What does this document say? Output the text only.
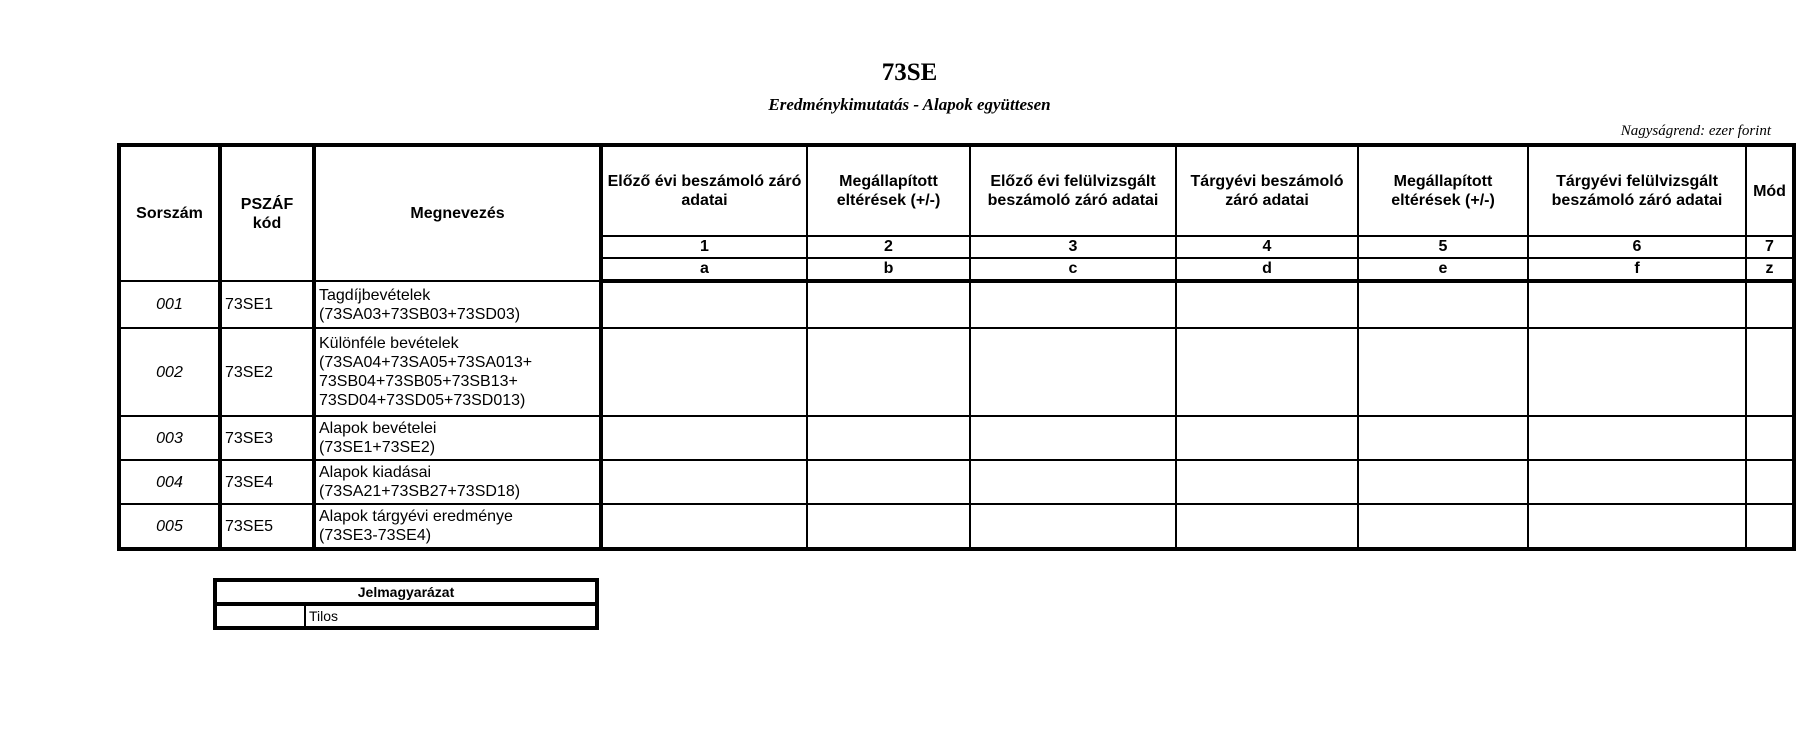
73SE
Eredménykimutatás - Alapok együttesen
Nagyságrend: ezer forint
Sorszám	PSZÁF kód	Megnevezés	Előző évi beszámoló záró adatai	Megállapított eltérések (+/-)	Előző évi felülvizsgált beszámoló záró adatai	Tárgyévi beszámoló záró adatai	Megállapított eltérések (+/-)	Tárgyévi felülvizsgált beszámoló záró adatai	Mód
			1	2	3	4	5	6	7
			a	b	c	d	e	f	z
001	73SE1	Tagdíjbevételek
(73SA03+73SB03+73SD03)							

002	73SE2	Különféle bevételek
(73SA04+73SA05+73SA013+
73SB04+73SB05+73SB13+
73SD04+73SD05+73SD013)							

003	73SE3	Alapok bevételei
(73SE1+73SE2)							

004	73SE4	Alapok kiadásai
(73SA21+73SB27+73SD18)							

005	73SE5	Alapok tárgyévi eredménye
(73SE3-73SE4)							

Jelmagyarázat
	Tilos
